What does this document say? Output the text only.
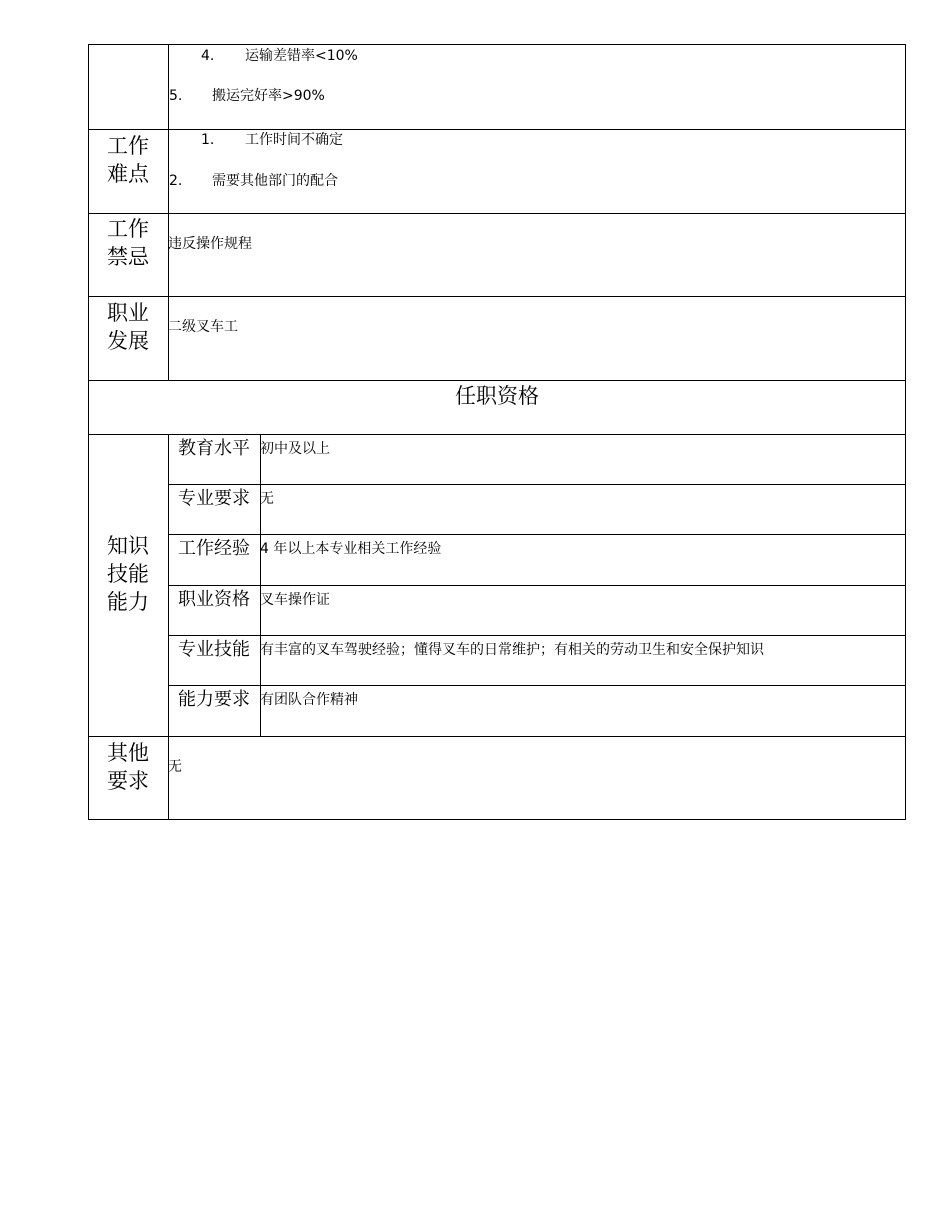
4. 运输差错率<10%
5. 搬运完好率>90%
工作
难点
1. 工作时间不确定
2. 需要其他部门的配合
工作
禁忌
违反操作规程
职业
发展
二级叉车工
任职资格
知识
技能
能力
教育水平 初中及以上
专业要求 无
工作经验 4 年以上本专业相关工作经验
职业资格 叉车操作证
专业技能 有丰富的叉车驾驶经验；懂得叉车的日常维护；有相关的劳动卫生和安全保护知识
能力要求 有团队合作精神
其他
要求
无
